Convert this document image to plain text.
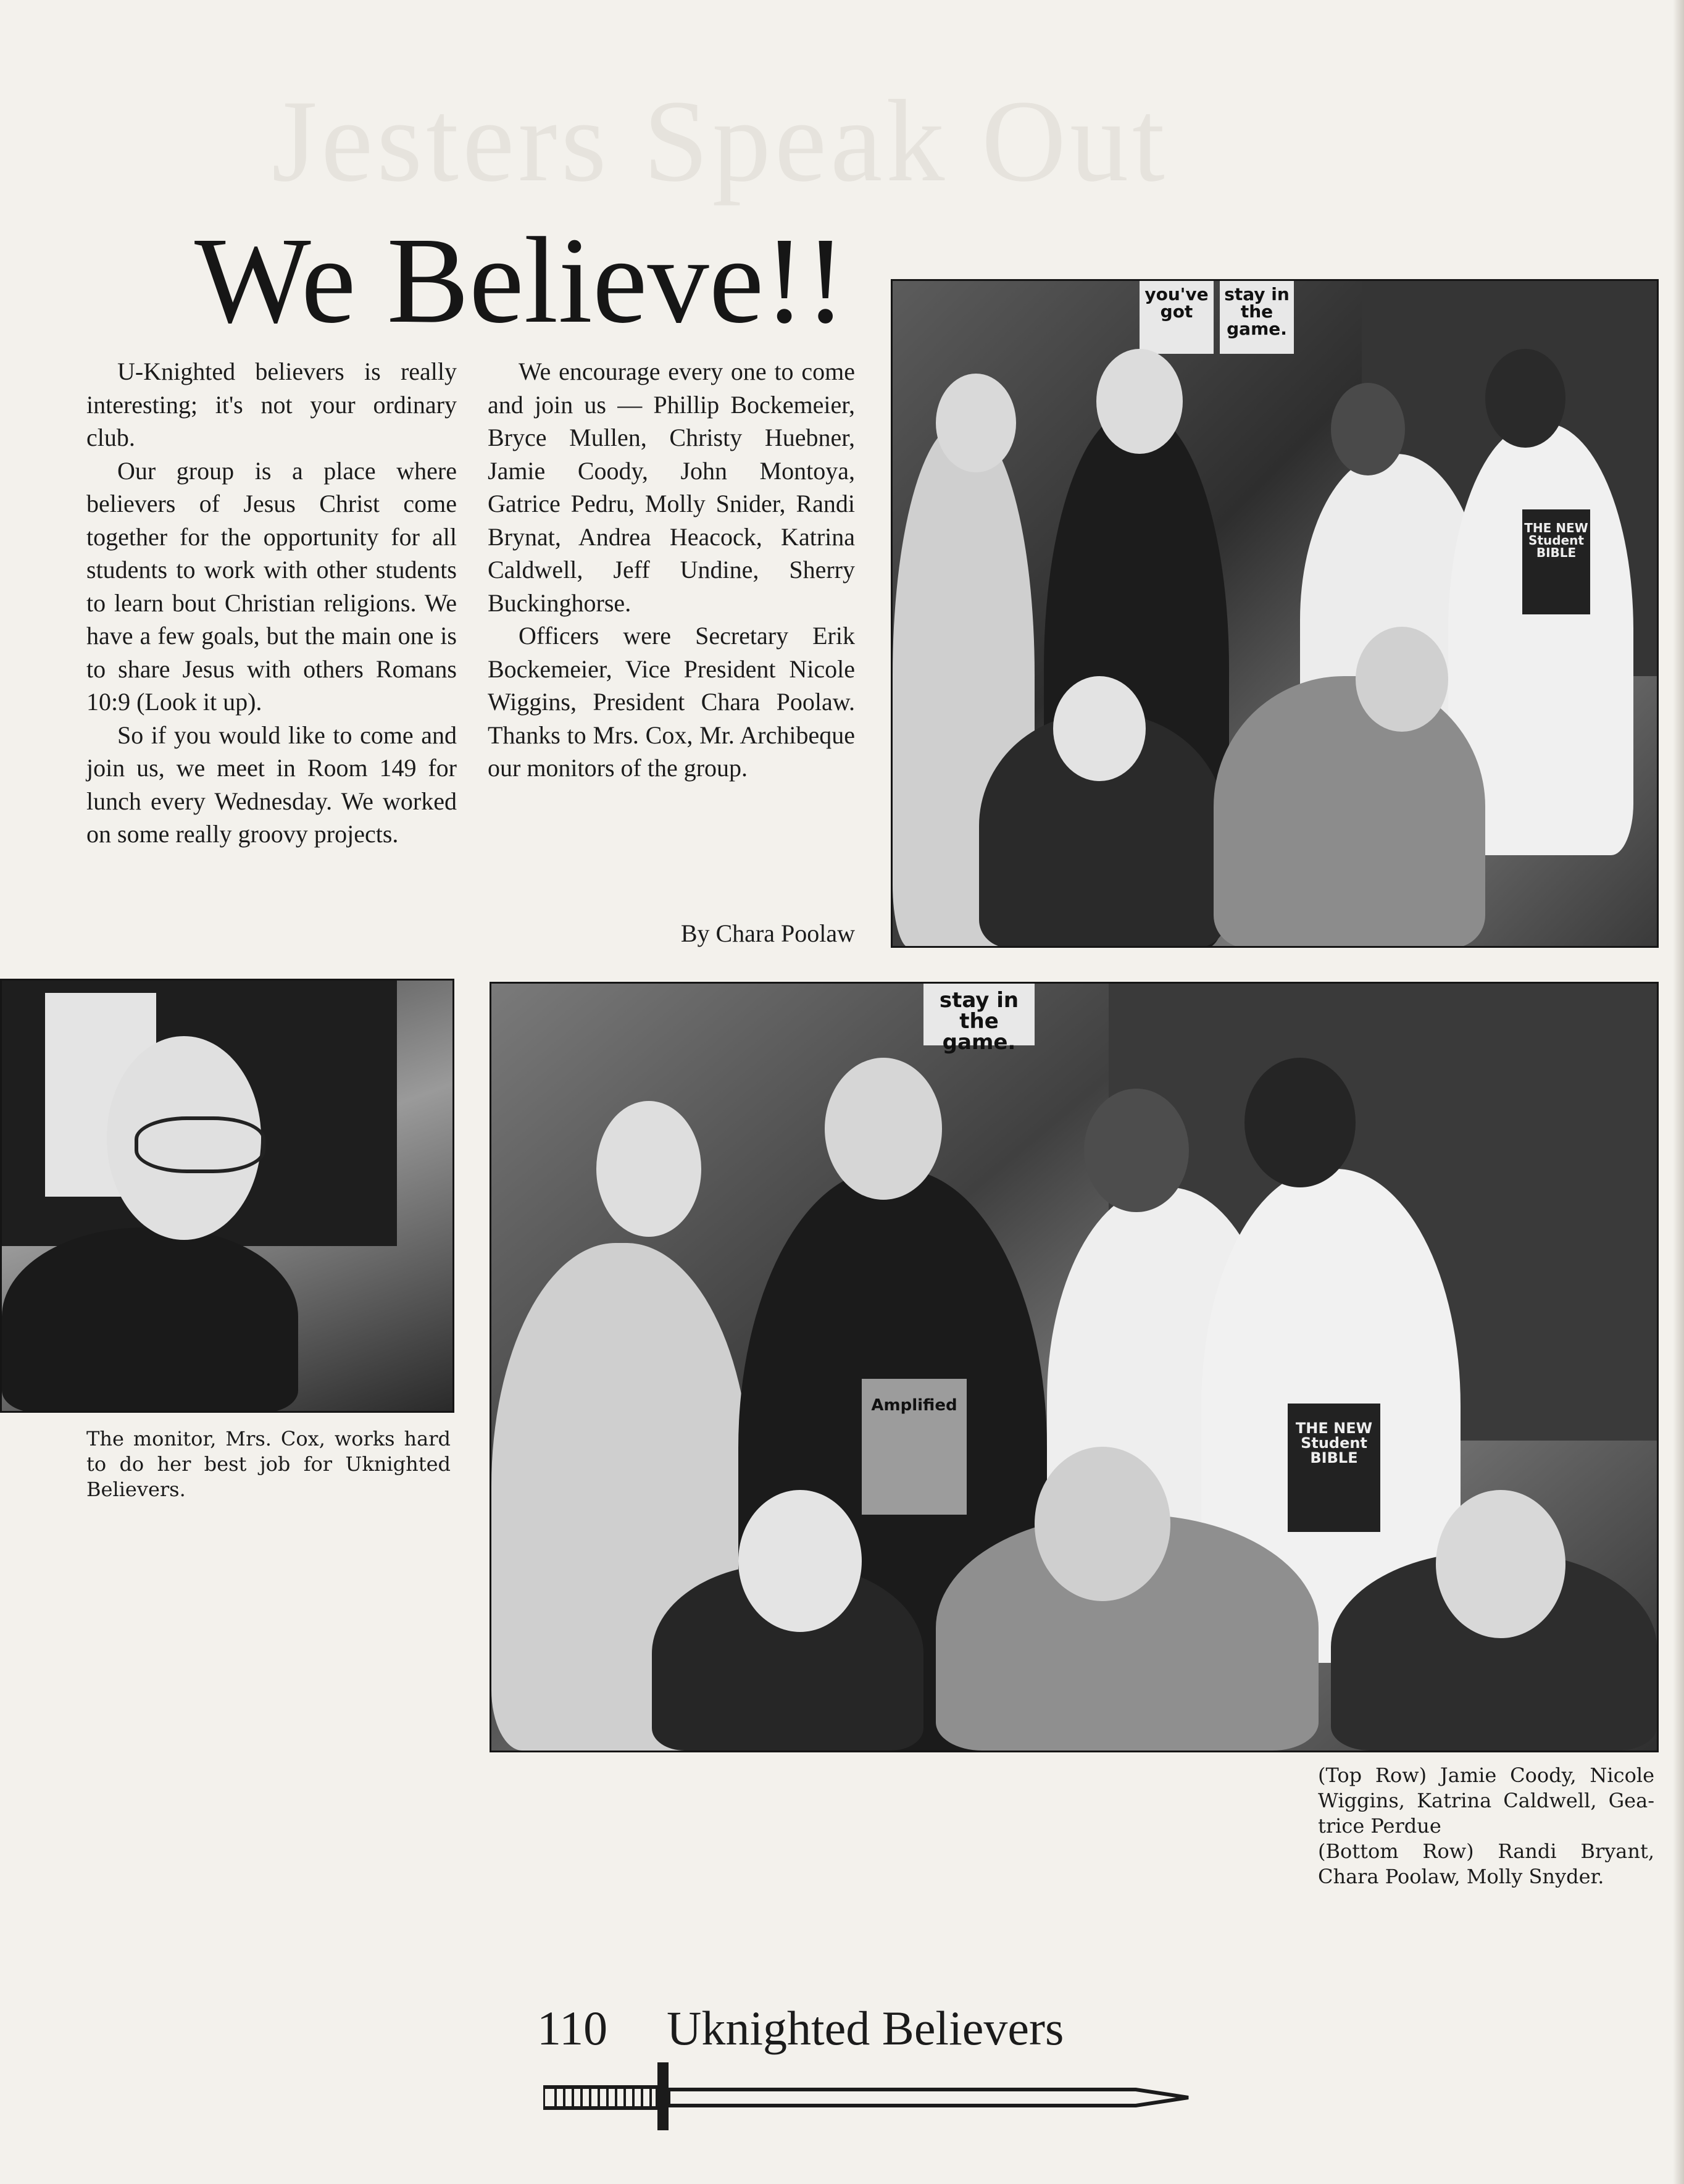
Jesters Speak Out
We Believe!!

U-Knighted believers is really interesting; it's not your ordinary club.

Our group is a place where believers of Jesus Christ come together for the opportunity for all students to work with other students to learn bout Christian religions. We have a few goals, but the main one is to share Jesus with others Romans 10:9 (Look it up).

So if you would like to come and join us, we meet in Room 149 for lunch every Wednesday. We worked on some really groovy projects.

We encourage every one to come and join us — Phillip Bockemeier, Bryce Mullen, Christy Huebner, Jamie Coody, John Montoya, Gatrice Pedru, Molly Snider, Randi Brynat, Andrea Heacock, Katrina Caldwell, Jeff Undine, Sherry Buckinghorse.

Officers were Secretary Erik Bockemeier, Vice President Nicole Wiggins, President Chara Poolaw. Thanks to Mrs. Cox, Mr. Archibeque our monitors of the group.

By Chara Poolaw
you've got
stay in the game.
THE NEW Student BIBLE
stay in the game.
Amplified
THE NEW Student BIBLE
The monitor, Mrs. Cox, works hard to do her best job for Uknighted Believers.
(Top Row) Jamie Coody, Nicole Wiggins, Katrina Caldwell, Gea-trice Perdue
(Bottom Row) Randi Bryant, Chara Poolaw, Molly Snyder.
110 Uknighted Believers
